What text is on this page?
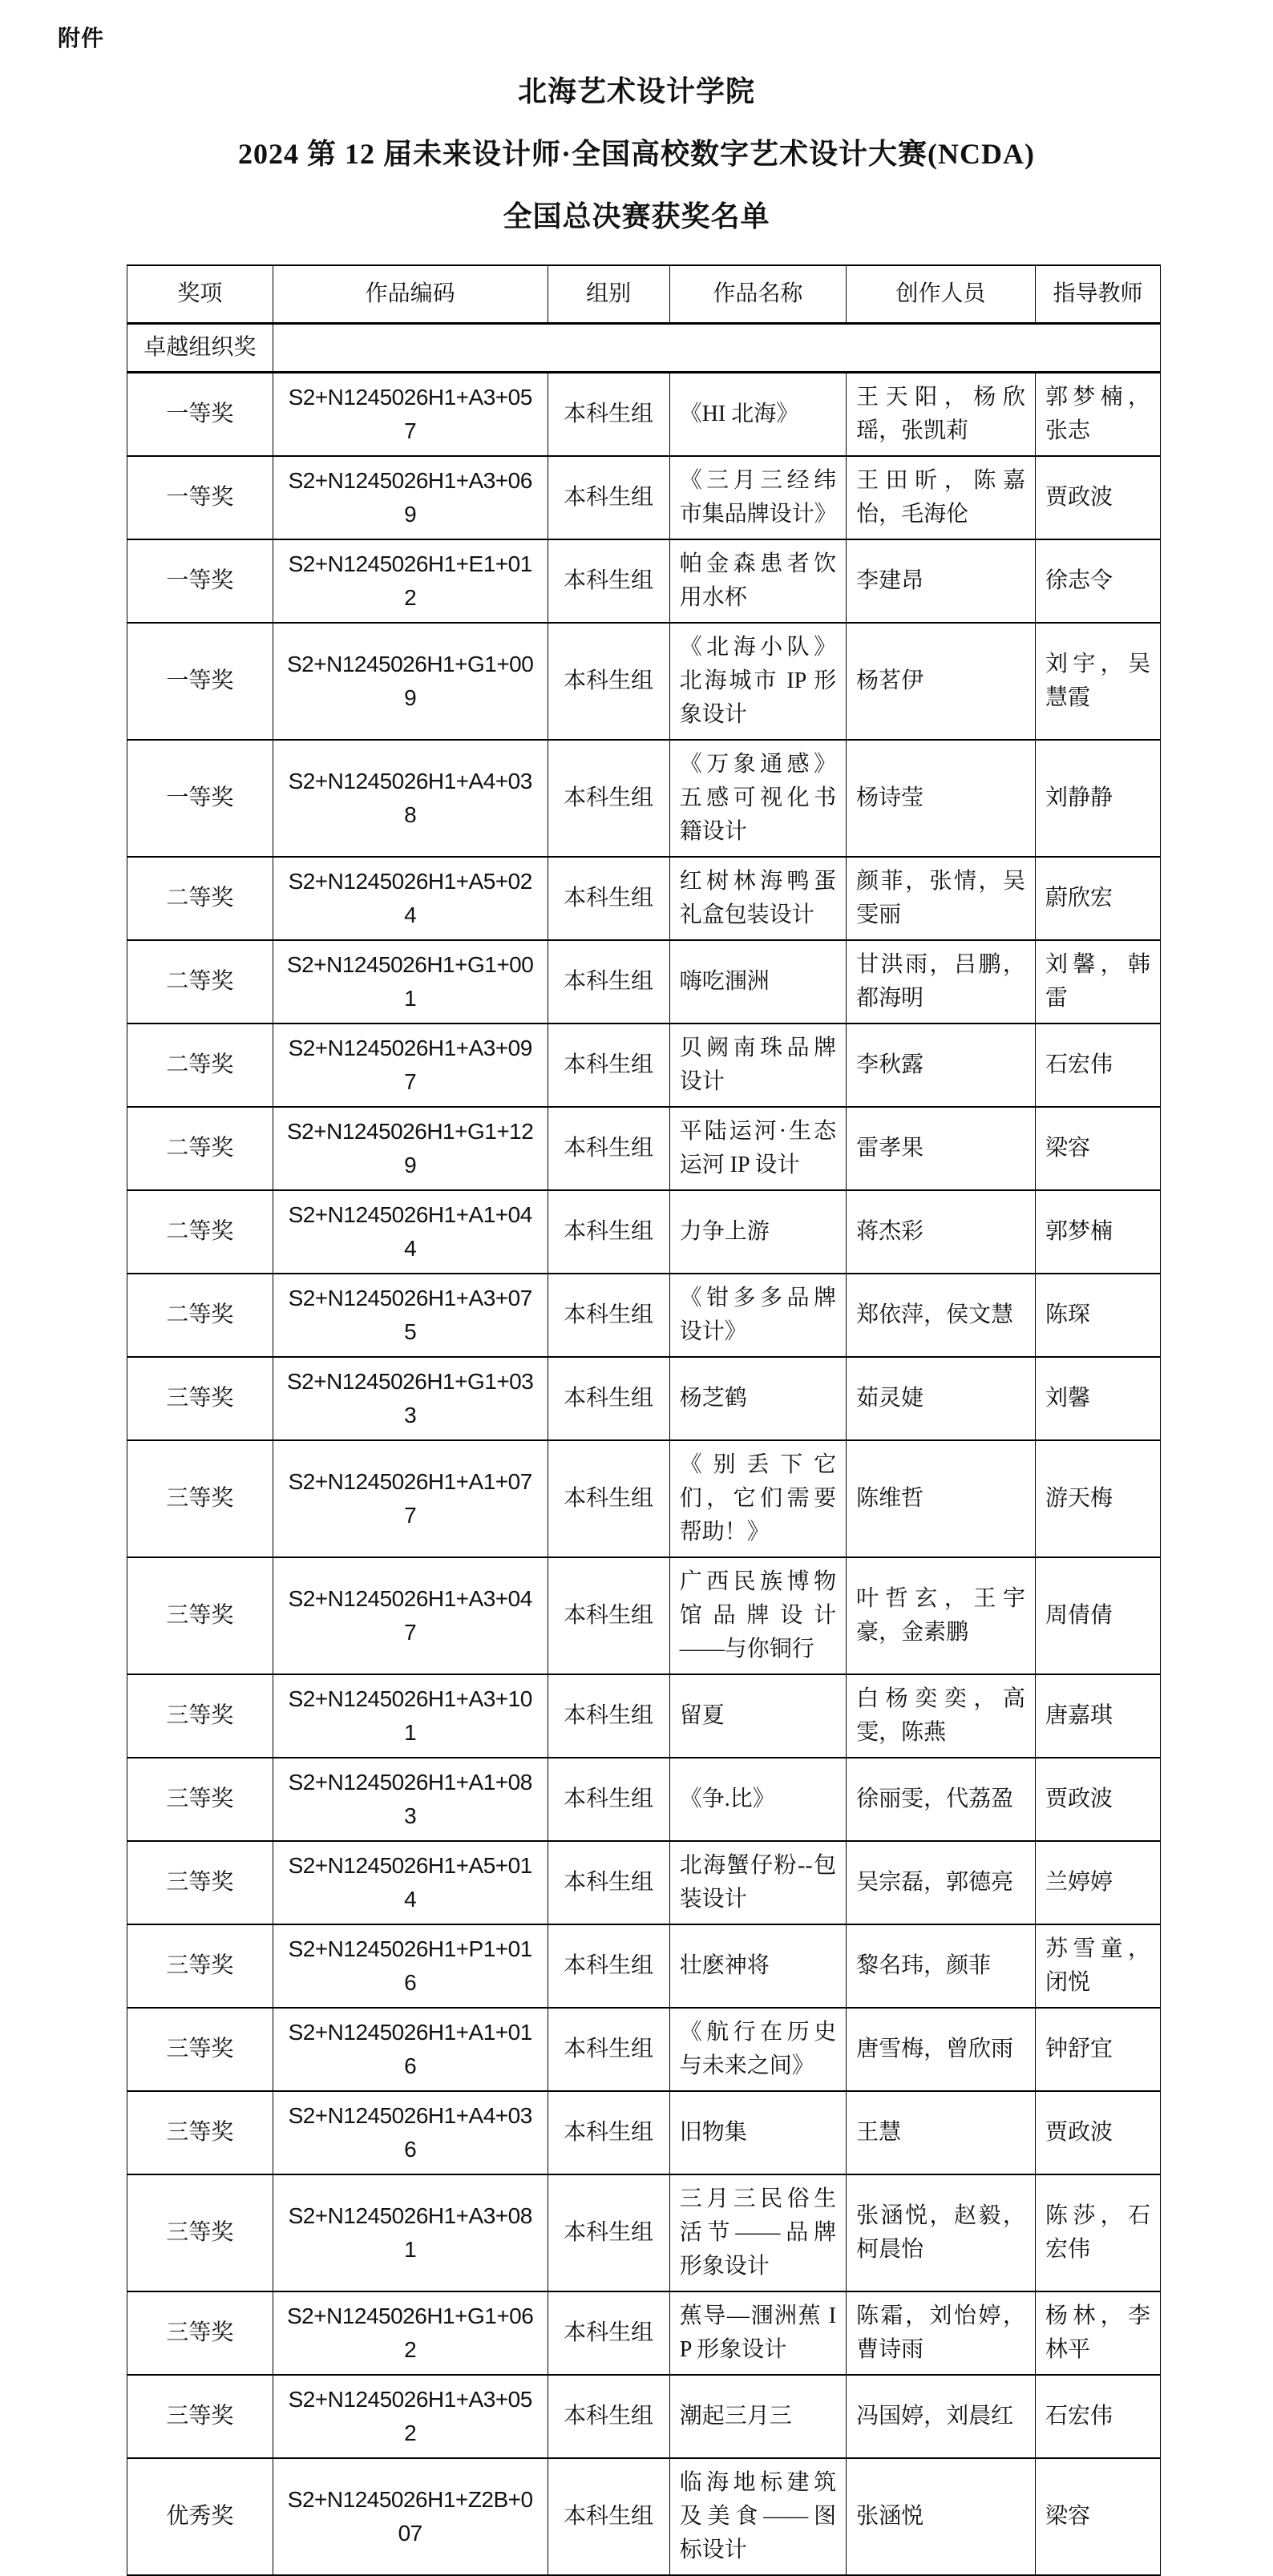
附件
北海艺术设计学院
2024 第 12 届未来设计师·全国高校数字艺术设计大赛(NCDA)
全国总决赛获奖名单
奖项	作品编码	组别	作品名称	创作人员	指导教师
卓越组织奖					
一等奖	S2+N1245026H1+A3+057	本科生组	《HI 北海》	王天阳，杨欣瑶，张凯莉	郭梦楠，张志
一等奖	S2+N1245026H1+A3+069	本科生组	《三月三经纬市集品牌设计》	王田昕，陈嘉怡，毛海伦	贾政波
一等奖	S2+N1245026H1+E1+012	本科生组	帕金森患者饮用水杯	李建昂	徐志令
一等奖	S2+N1245026H1+G1+009	本科生组	《北海小队》北海城市 IP 形象设计	杨茗伊	刘宇，吴慧霞
一等奖	S2+N1245026H1+A4+038	本科生组	《万象通感》五感可视化书籍设计	杨诗莹	刘静静
二等奖	S2+N1245026H1+A5+024	本科生组	红树林海鸭蛋礼盒包装设计	颜菲，张情，吴雯丽	蔚欣宏
二等奖	S2+N1245026H1+G1+001	本科生组	嗨吃涠洲	甘洪雨，吕鹏，都海明	刘馨，韩雷
二等奖	S2+N1245026H1+A3+097	本科生组	贝阙南珠品牌设计	李秋露	石宏伟
二等奖	S2+N1245026H1+G1+129	本科生组	平陆运河·生态运河 IP 设计	雷孝果	梁容
二等奖	S2+N1245026H1+A1+044	本科生组	力争上游	蒋杰彩	郭梦楠
二等奖	S2+N1245026H1+A3+075	本科生组	《钳多多品牌设计》	郑依萍，侯文慧	陈琛
三等奖	S2+N1245026H1+G1+033	本科生组	杨芝鹤	茹灵婕	刘馨
三等奖	S2+N1245026H1+A1+077	本科生组	《别丢下它们，它们需要帮助！》	陈维哲	游天梅
三等奖	S2+N1245026H1+A3+047	本科生组	广西民族博物馆品牌设计——与你铜行	叶哲玄，王宇豪，金素鹏	周倩倩
三等奖	S2+N1245026H1+A3+101	本科生组	留夏	白杨奕奕，高雯，陈燕	唐嘉琪
三等奖	S2+N1245026H1+A1+083	本科生组	《争.比》	徐丽雯，代荔盈	贾政波
三等奖	S2+N1245026H1+A5+014	本科生组	北海蟹仔粉--包装设计	吴宗磊，郭德亮	兰婷婷
三等奖	S2+N1245026H1+P1+016	本科生组	壮麽神将	黎名玮，颜菲	苏雪童，闭悦
三等奖	S2+N1245026H1+A1+016	本科生组	《航行在历史与未来之间》	唐雪梅，曾欣雨	钟舒宜
三等奖	S2+N1245026H1+A4+036	本科生组	旧物集	王慧	贾政波
三等奖	S2+N1245026H1+A3+081	本科生组	三月三民俗生活节——品牌形象设计	张涵悦，赵毅，柯晨怡	陈莎，石宏伟
三等奖	S2+N1245026H1+G1+062	本科生组	蕉导—涠洲蕉 IP 形象设计	陈霜，刘怡婷，曹诗雨	杨林，李林平
三等奖	S2+N1245026H1+A3+052	本科生组	潮起三月三	冯国婷，刘晨红	石宏伟
优秀奖	S2+N1245026H1+Z2B+007	本科生组	临海地标建筑及美食——图标设计	张涵悦	梁容
